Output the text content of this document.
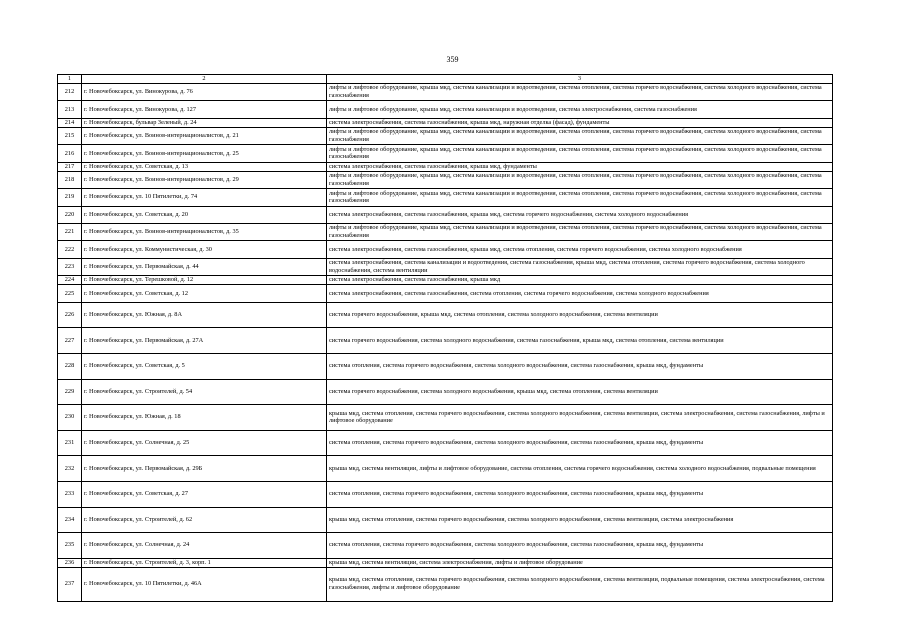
359
1	2	3
212	г. Новочебоксарск, ул. Винокурова, д. 76	лифты и лифтовое оборудование, крыша мкд, система канализации и водоотведения, система отопления, система горячего водоснабжения, система холодного водоснабжения, система газоснабжения
213	г. Новочебоксарск, ул. Винокурова, д. 127	лифты и лифтовое оборудование, крыша мкд, система канализации и водоотведения, система электроснабжения, система газоснабжения
214	г. Новочебоксарск, бульвар Зеленый, д. 24	система электроснабжения, система газоснабжения, крыша мкд, наружная отделка (фасад), фундаменты
215	г. Новочебоксарск, ул. Воинов-интернационалистов, д. 21	лифты и лифтовое оборудование, крыша мкд, система канализации и водоотведения, система отопления, система горячего водоснабжения, система холодного водоснабжения, система газоснабжения
216	г. Новочебоксарск, ул. Воинов-интернационалистов, д. 25	лифты и лифтовое оборудование, крыша мкд, система канализации и водоотведения, система отопления, система горячего водоснабжения, система холодного водоснабжения, система газоснабжения
217	г. Новочебоксарск, ул. Советская, д. 13	система электроснабжения, система газоснабжения, крыша мкд, фундаменты
218	г. Новочебоксарск, ул. Воинов-интернационалистов, д. 29	лифты и лифтовое оборудование, крыша мкд, система канализации и водоотведения, система отопления, система горячего водоснабжения, система холодного водоснабжения, система газоснабжения
219	г. Новочебоксарск, ул. 10 Пятилетки, д. 74	лифты и лифтовое оборудование, крыша мкд, система канализации и водоотведения, система отопления, система горячего водоснабжения, система холодного водоснабжения, система газоснабжения
220	г. Новочебоксарск, ул. Советская, д. 20	система электроснабжения, система газоснабжения, крыша мкд, система горячего водоснабжения, система холодного водоснабжения
221	г. Новочебоксарск, ул. Воинов-интернационалистов, д. 35	лифты и лифтовое оборудование, крыша мкд, система канализации и водоотведения, система отопления, система горячего водоснабжения, система холодного водоснабжения, система газоснабжения
222	г. Новочебоксарск, ул. Коммунистическая, д. 30	система электроснабжения, система газоснабжения, крыша мкд, система отопления, система горячего водоснабжения, система холодного водоснабжения
223	г. Новочебоксарск, ул. Первомайская, д. 44	система электроснабжения, система канализации и водоотведения, система газоснабжения, крыша мкд, система отопления, система горячего водоснабжения, система холодного водоснабжения, система вентиляции
224	г. Новочебоксарск, ул. Терешковой, д. 12	система электроснабжения, система газоснабжения, крыша мкд
225	г. Новочебоксарск, ул. Советская, д. 12	система электроснабжения, система газоснабжения, система отопления, система горячего водоснабжения, система холодного водоснабжения
226	г. Новочебоксарск, ул. Южная, д. 8А	система горячего водоснабжения, крыша мкд, система отопления, система холодного водоснабжения, система вентиляции
227	г. Новочебоксарск, ул. Первомайская, д. 27А	система горячего водоснабжения, система холодного водоснабжения, система газоснабжения, крыша мкд, система отопления, система вентиляции
228	г. Новочебоксарск, ул. Советская, д. 5	система отопления, система горячего водоснабжения, система холодного водоснабжения, система газоснабжения, крыша мкд, фундаменты
229	г. Новочебоксарск, ул. Строителей, д. 54	система горячего водоснабжения, система холодного водоснабжения, крыша мкд, система отопления, система вентиляции
230	г. Новочебоксарск, ул. Южная, д. 18	крыша мкд, система отопления, система горячего водоснабжения, система холодного водоснабжения, система вентиляции, система электроснабжения, система газоснабжения, лифты и лифтовое оборудование
231	г. Новочебоксарск, ул. Солнечная, д. 25	система отопления, система горячего водоснабжения, система холодного водоснабжения, система газоснабжения, крыша мкд, фундаменты
232	г. Новочебоксарск, ул. Первомайская, д. 29Б	крыша мкд, система вентиляции, лифты и лифтовое оборудование, система отопления, система горячего водоснабжения, система холодного водоснабжения, подвальные помещения
233	г. Новочебоксарск, ул. Советская, д. 27	система отопления, система горячего водоснабжения, система холодного водоснабжения, система газоснабжения, крыша мкд, фундаменты
234	г. Новочебоксарск, ул. Строителей, д. 62	крыша мкд, система отопления, система горячего водоснабжения, система холодного водоснабжения, система вентиляции, система электроснабжения
235	г. Новочебоксарск, ул. Солнечная, д. 24	система отопления, система горячего водоснабжения, система холодного водоснабжения, система газоснабжения, крыша мкд, фундаменты
236	г. Новочебоксарск, ул. Строителей, д. 3, корп. 1	крыша мкд, система вентиляции, система электроснабжения, лифты и лифтовое оборудование
237	г. Новочебоксарск, ул. 10 Пятилетки, д. 46А	крыша мкд, система отопления, система горячего водоснабжения, система холодного водоснабжения, система вентиляции, подвальные помещения, система электроснабжения, система газоснабжения, лифты и лифтовое оборудование
